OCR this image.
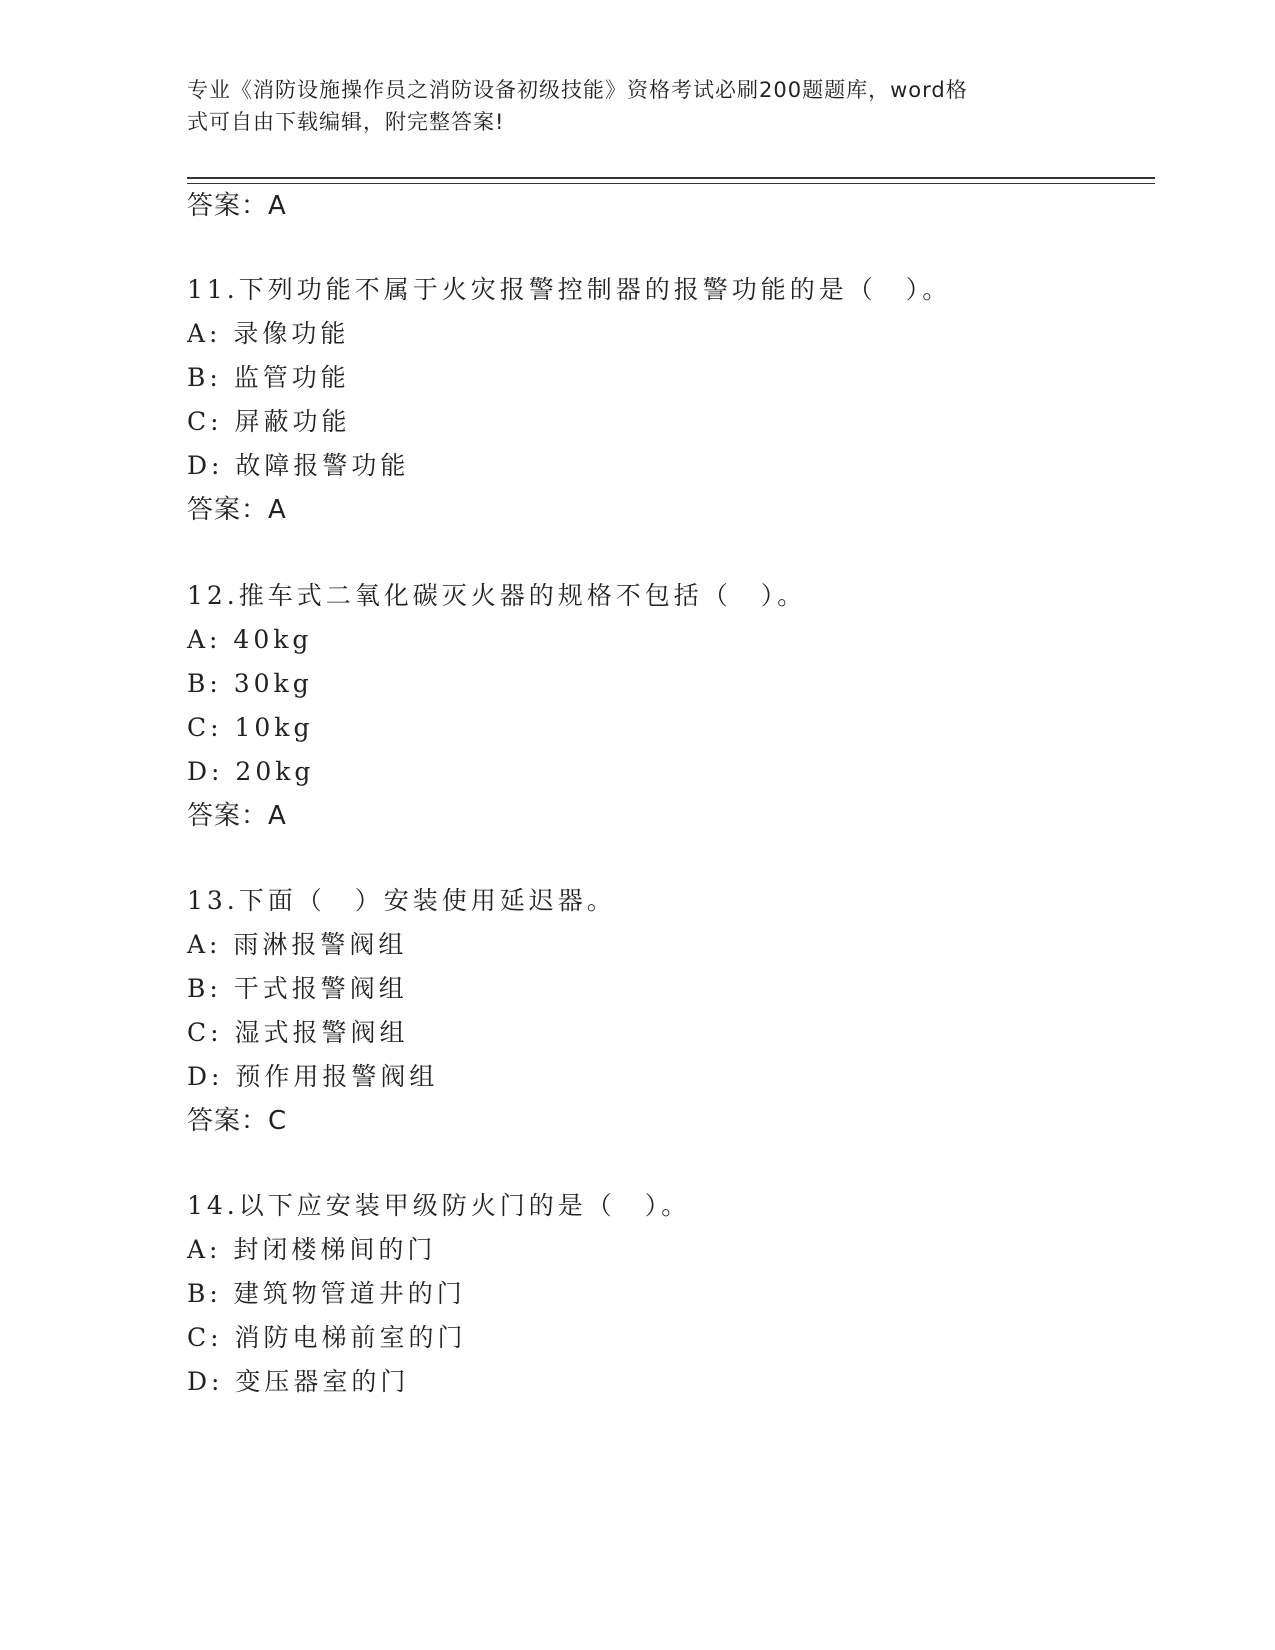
专业《消防设施操作员之消防设备初级技能》资格考试必刷200题题库，word格
式可自由下载编辑，附完整答案!
答案：A
11.下列功能不属于火灾报警控制器的报警功能的是（　）。
A: 录像功能
B: 监管功能
C: 屏蔽功能
D: 故障报警功能
答案：A
12.推车式二氧化碳灭火器的规格不包括（　）。
A: 40kg
B: 30kg
C: 10kg
D: 20kg
答案：A
13.下面（　）安装使用延迟器。
A: 雨淋报警阀组
B: 干式报警阀组
C: 湿式报警阀组
D: 预作用报警阀组
答案：C
14.以下应安装甲级防火门的是（　）。
A: 封闭楼梯间的门
B: 建筑物管道井的门
C: 消防电梯前室的门
D: 变压器室的门
